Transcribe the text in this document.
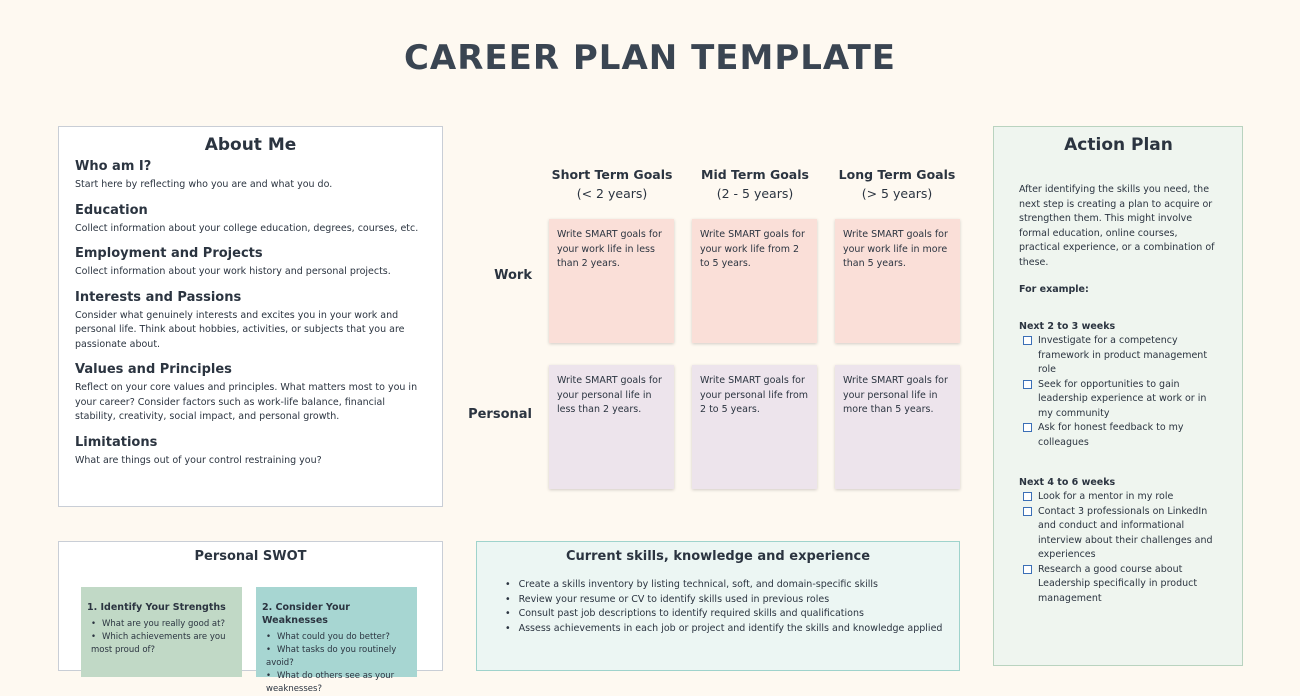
CAREER PLAN TEMPLATE
About Me
Who am I?

Start here by reflecting who you are and what you do.

Education

Collect information about your college education, degrees, courses, etc.

Employment and Projects

Collect information about your work history and personal projects.

Interests and Passions

Consider what genuinely interests and excites you in your work and personal life. Think about hobbies, activities, or subjects that you are passionate about.

Values and Principles

Reflect on your core values and principles. What matters most to you in your career? Consider factors such as work-life balance, financial stability, creativity, social impact, and personal growth.

Limitations

What are things out of your control restraining you?

Short Term Goals
(< 2 years)
Mid Term Goals
(2 - 5 years)
Long Term Goals
(> 5 years)
Work
Personal
Write SMART goals for your work life in less than 2 years.
Write SMART goals for your work life from 2 to 5 years.
Write SMART goals for your work life in more than 5 years.
Write SMART goals for your personal life in less than 2 years.
Write SMART goals for your personal life from 2 to 5 years.
Write SMART goals for your personal life in more than 5 years.
Action Plan

After identifying the skills you need, the next step is creating a plan to acquire or strengthen them. This might involve formal education, online courses, practical experience, or a combination of these.

For example:

Next 2 to 3 weeks
Investigate for a competency framework in product management role
Seek for opportunities to gain leadership experience at work or in my community
Ask for honest feedback to my colleagues
Next 4 to 6 weeks
Look for a mentor in my role
Contact 3 professionals on LinkedIn and conduct and informational interview about their challenges and experiences
Research a good course about Leadership specifically in product management
Personal SWOT
1. Identify Your Strengths
• What are you really good at?
• Which achievements are you most proud of?
2. Consider Your Weaknesses
• What could you do better?
• What tasks do you routinely avoid?
• What do others see as your weaknesses?
Current skills, knowledge and experience
• Create a skills inventory by listing technical, soft, and domain-specific skills
• Review your resume or CV to identify skills used in previous roles
• Consult past job descriptions to identify required skills and qualifications
• Assess achievements in each job or project and identify the skills and knowledge applied
